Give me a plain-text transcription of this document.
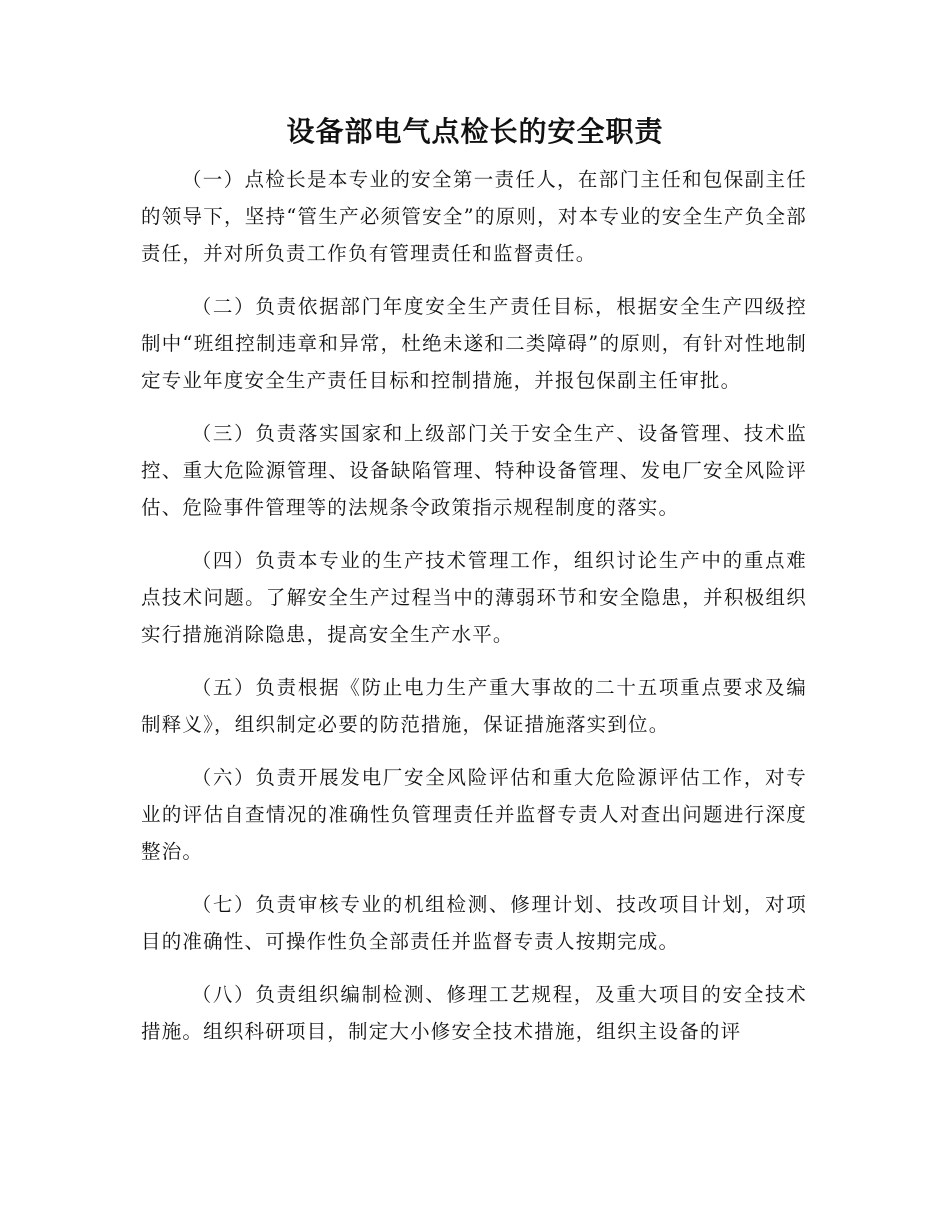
设备部电气点检长的安全职责

（一）点检长是本专业的安全第一责任人，在部门主任和包保副主任的领导下，坚持“管生产必须管安全”的原则，对本专业的安全生产负全部责任，并对所负责工作负有管理责任和监督责任。

（二）负责依据部门年度安全生产责任目标，根据安全生产四级控制中“班组控制违章和异常，杜绝未遂和二类障碍”的原则，有针对性地制定专业年度安全生产责任目标和控制措施，并报包保副主任审批。

（三）负责落实国家和上级部门关于安全生产、设备管理、技术监控、重大危险源管理、设备缺陷管理、特种设备管理、发电厂安全风险评估、危险事件管理等的法规条令政策指示规程制度的落实。

（四）负责本专业的生产技术管理工作，组织讨论生产中的重点难点技术问题。了解安全生产过程当中的薄弱环节和安全隐患，并积极组织实行措施消除隐患，提高安全生产水平。

（五）负责根据《防止电力生产重大事故的二十五项重点要求及编制释义》，组织制定必要的防范措施，保证措施落实到位。

（六）负责开展发电厂安全风险评估和重大危险源评估工作，对专业的评估自查情况的准确性负管理责任并监督专责人对查出问题进行深度整治。

（七）负责审核专业的机组检测、修理计划、技改项目计划，对项目的准确性、可操作性负全部责任并监督专责人按期完成。

（八）负责组织编制检测、修理工艺规程，及重大项目的安全技术措施。组织科研项目，制定大小修安全技术措施，组织主设备的评
